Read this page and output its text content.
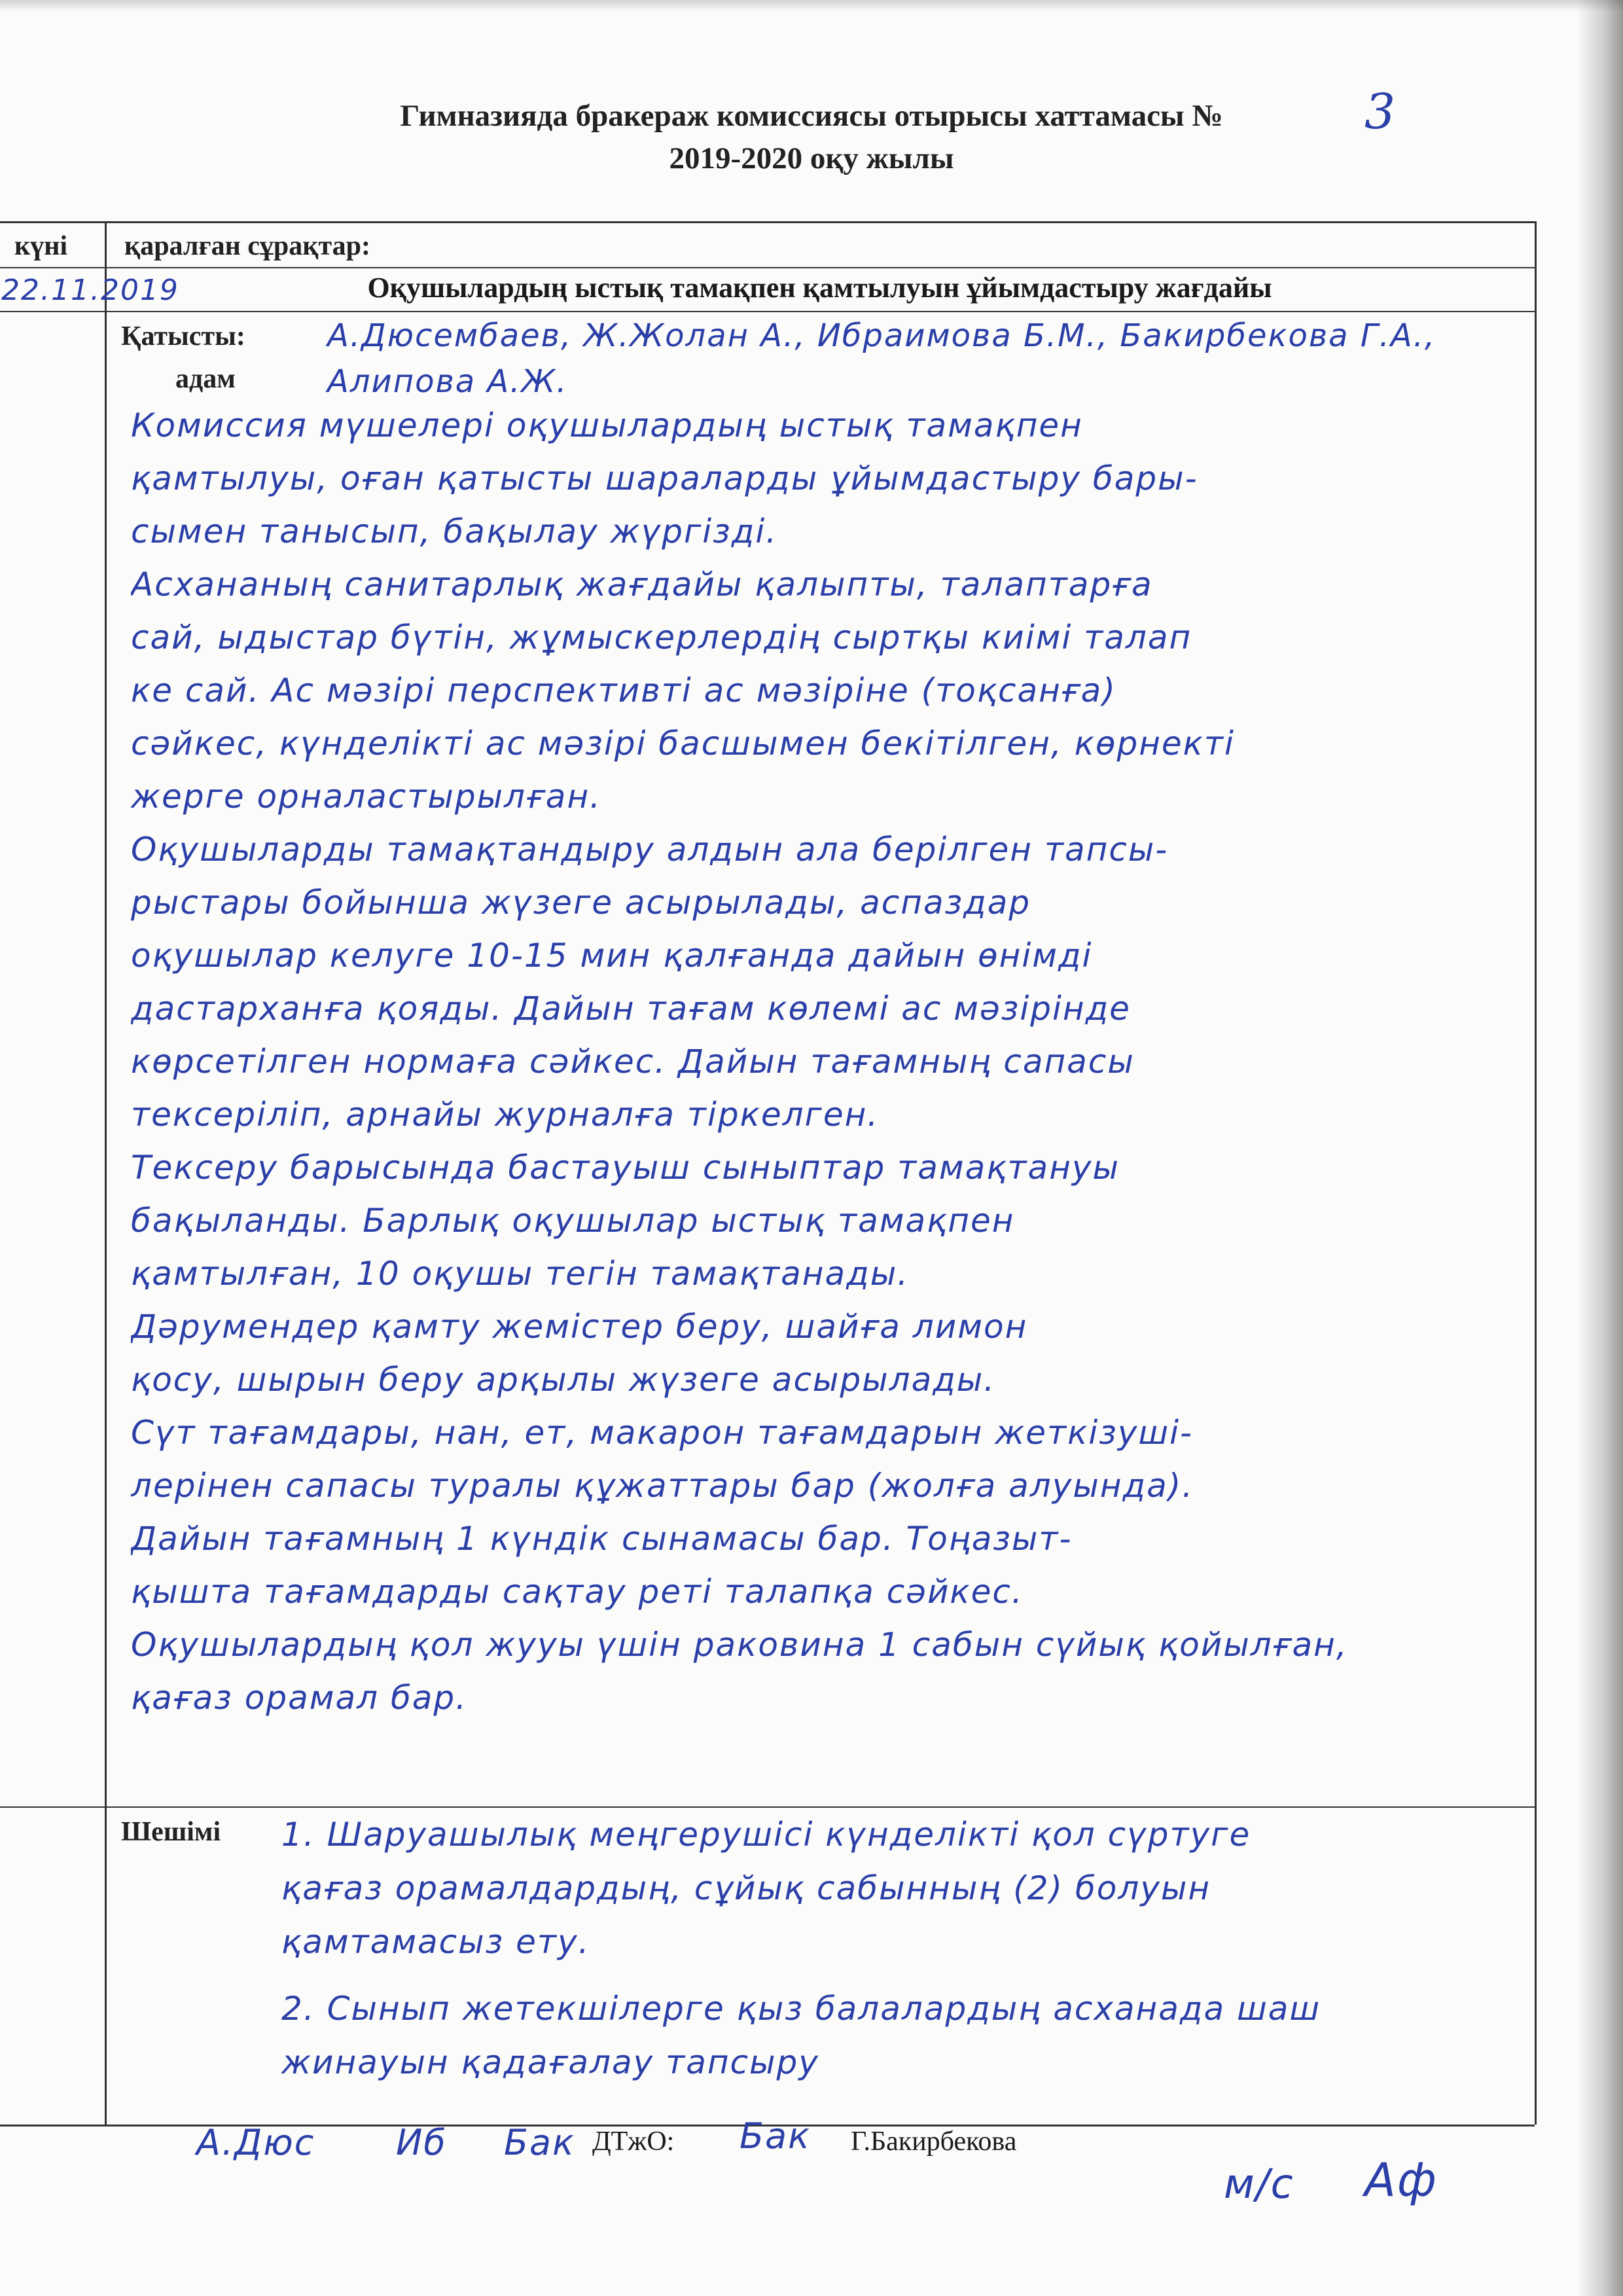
Гимназияда бракераж комиссиясы отырысы хаттамасы №	3
2019-2020 оқу жылы
күні қаралған сұрақтар:
22.11.2019	Оқушылардың ыстық тамақпен қамтылуын ұйымдастыру жағдайы
Қатысты:
адам
А.Дюсембаев, Ж.Жолан А., Ибраимова Б.М., Бакирбекова Г.А., Алипова А.Ж.
Комиссия мүшелері оқушылардың ыстық тамақпен
қамтылуы, оған қатысты шараларды ұйымдастыру бары-
сымен танысып, бақылау жүргізді.
Асхананың санитарлық жағдайы қалыпты, талаптарға
сай, ыдыстар бүтін, жұмыскерлердің сыртқы киімі талап
ке сай. Ас мәзірі перспективті ас мәзіріне (тоқсанға)
сәйкес, күнделікті ас мәзірі басшымен бекітілген, көрнекті
жерге орналастырылған.
Оқушыларды тамақтандыру алдын ала берілген тапсы-
рыстары бойынша жүзеге асырылады, аспаздар
оқушылар келуге 10-15 мин қалғанда дайын өнімді
дастарханға қояды. Дайын тағам көлемі ас мәзірінде
көрсетілген нормаға сәйкес. Дайын тағамның сапасы
тексеріліп, арнайы журналға тіркелген.
Тексеру барысында бастауыш сыныптар тамақтануы
бақыланды. Барлық оқушылар ыстық тамақпен
қамтылған, 10 оқушы тегін тамақтанады.
Дәрумендер қамту жемістер беру, шайға лимон
қосу, шырын беру арқылы жүзеге асырылады.
Сүт тағамдары, нан, ет, макарон тағамдарын жеткізуші-
лерінен сапасы туралы құжаттары бар (жолға алуында).
Дайын тағамның 1 күндік сынамасы бар. Тоңазыт-
қышта тағамдарды сақтау реті талапқа сәйкес.
Оқушылардың қол жууы үшін раковина 1 сабын сүйық қойылған,
қағаз орамал бар.
Шешімі 1. Шаруашылық меңгерушісі күнделікті қол сүртуге
қағаз орамалдардың, сұйық сабынның (2) болуын
қамтамасыз ету.
2. Сынып жетекшілерге қыз балалардың асханада шаш
жинауын қадағалау тапсыру
А.Дюс Иб Бак ДТжО: Бак Г.Бакирбекова
м/с Аф
